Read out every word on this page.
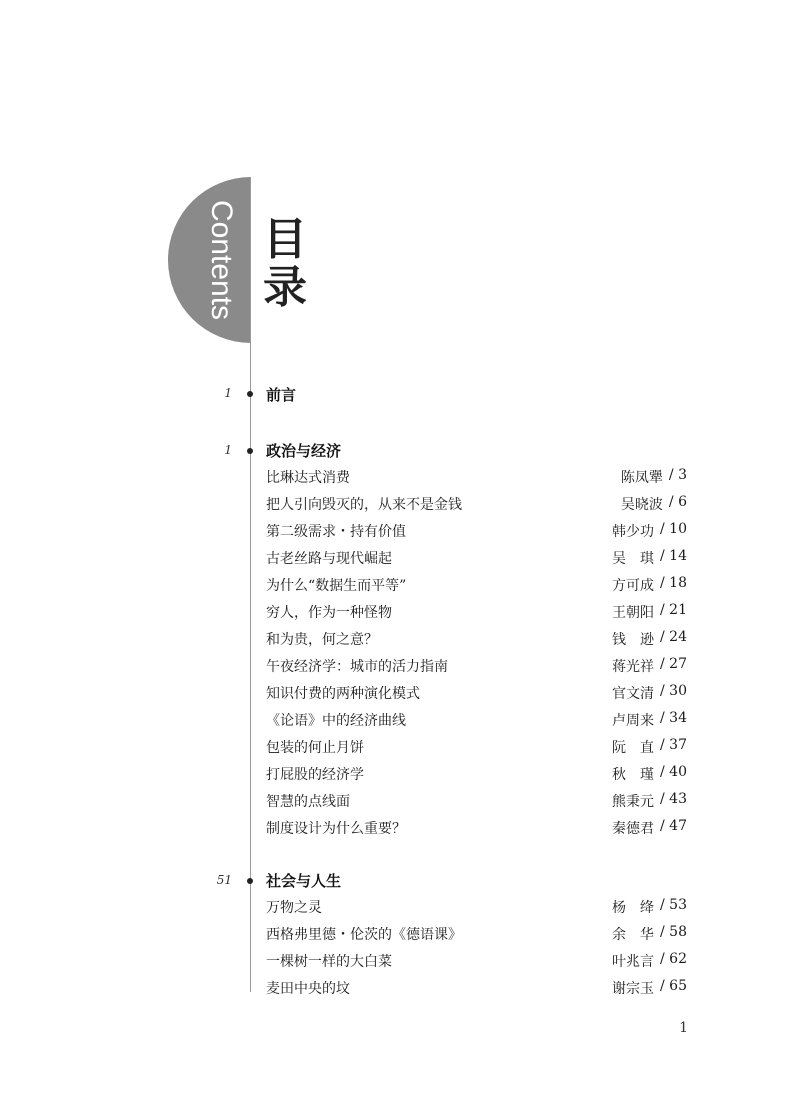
Contents 目
录
1 前言
1 政治与经济
比琳达式消费	陈凤犟 / 3
把人引向毁灭的，从来不是金钱	吴晓波 / 6
第二级需求・持有价值	韩少功 / 10
古老丝路与现代崛起	吴　琪 / 14
为什么“数据生而平等”	方可成 / 18
穷人，作为一种怪物	王朝阳 / 21
和为贵，何之意？	钱　逊 / 24
午夜经济学：城市的活力指南	蒋光祥 / 27
知识付费的两种演化模式	官文清 / 30
《论语》中的经济曲线	卢周来 / 34
包装的何止月饼	阮　直 / 37
打屁股的经济学	秋　瑾 / 40
智慧的点线面	熊秉元 / 43
制度设计为什么重要？	秦德君 / 47
51 社会与人生
万物之灵	杨　绛 / 53
西格弗里德・伦茨的《德语课》	余　华 / 58
一棵树一样的大白菜	叶兆言 / 62
麦田中央的坟	谢宗玉 / 65
1
